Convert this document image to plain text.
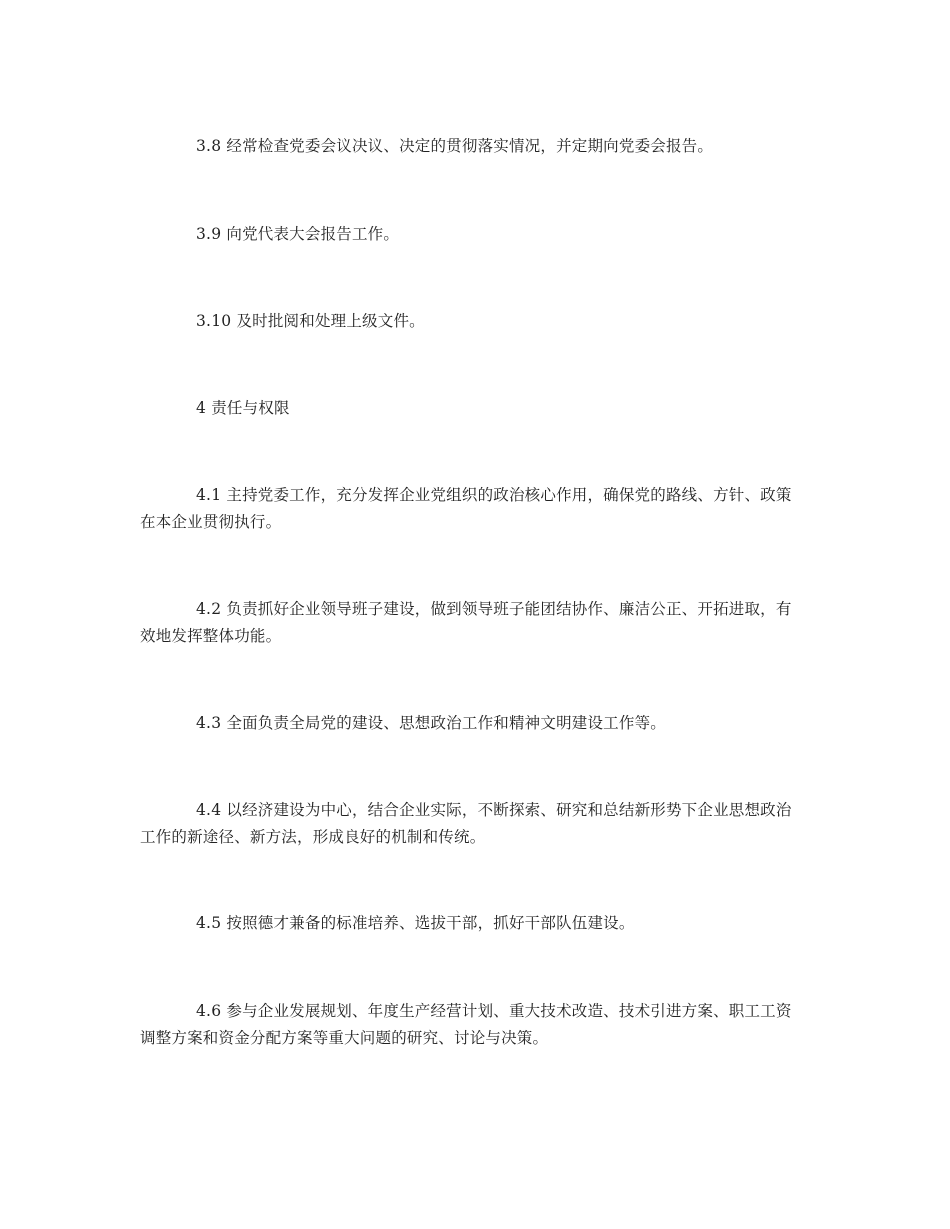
3.8 经常检查党委会议决议、决定的贯彻落实情况，并定期向党委会报告。

3.9 向党代表大会报告工作。

3.10 及时批阅和处理上级文件。

4 责任与权限

4.1 主持党委工作，充分发挥企业党组织的政治核心作用，确保党的路线、方针、政策在本企业贯彻执行。

4.2 负责抓好企业领导班子建设，做到领导班子能团结协作、廉洁公正、开拓进取，有效地发挥整体功能。

4.3 全面负责全局党的建设、思想政治工作和精神文明建设工作等。

4.4 以经济建设为中心，结合企业实际，不断探索、研究和总结新形势下企业思想政治工作的新途径、新方法，形成良好的机制和传统。

4.5 按照德才兼备的标准培养、选拔干部，抓好干部队伍建设。

4.6 参与企业发展规划、年度生产经营计划、重大技术改造、技术引进方案、职工工资调整方案和资金分配方案等重大问题的研究、讨论与决策。
